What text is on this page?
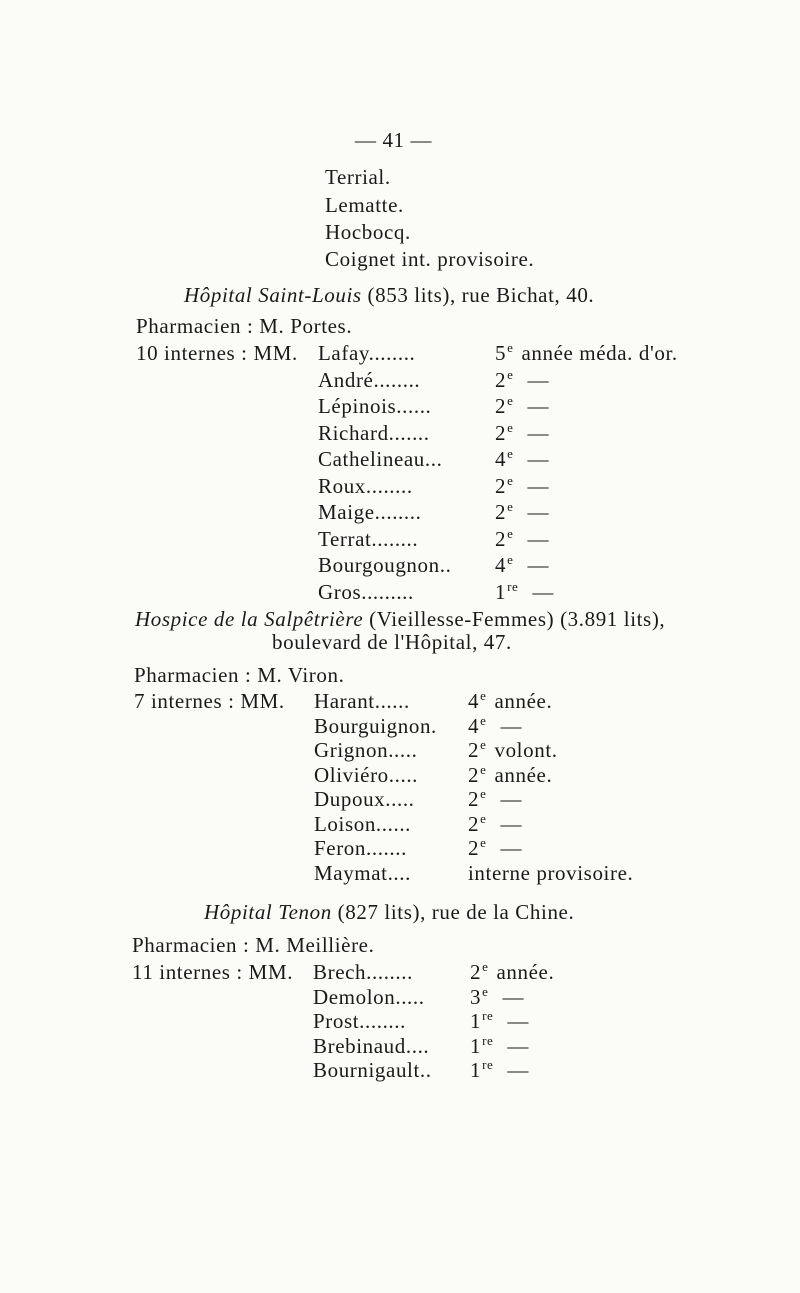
— 41 —
Terrial.
Lematte.
Hocbocq.
Coignet int. provisoire.
Hôpital Saint-Louis (853 lits), rue Bichat, 40.
Pharmacien : M. Portes.
10 internes : MM. Lafay........	5e année méda. d'or.
André........	2e —
Lépinois......	2e —
Richard.......	2e —
Cathelineau...	4e —
Roux........	2e —
Maige........	2e —
Terrat........	2e —
Bourgougnon.. 4e —
Gros.........	1re —
Hospice de la Salpêtrière (Vieillesse-Femmes) (3.891 lits),
boulevard de l'Hôpital, 47.
Pharmacien : M. Viron.
7 internes : MM. Harant......	4e année.
Bourguignon. 4e —
Grignon..... 2e volont.
Oliviéro..... 2e année.
Dupoux.....	2e —
Loison......	2e —
Feron.......	2e —
Maymat....	interne provisoire.
Hôpital Tenon (827 lits), rue de la Chine.
Pharmacien : M. Meillière.
11 internes : MM. Brech........	2e année.
Demolon..... 3e —
Prost........	1re —
Brebinaud.... 1re —
Bournigault.. 1re —
